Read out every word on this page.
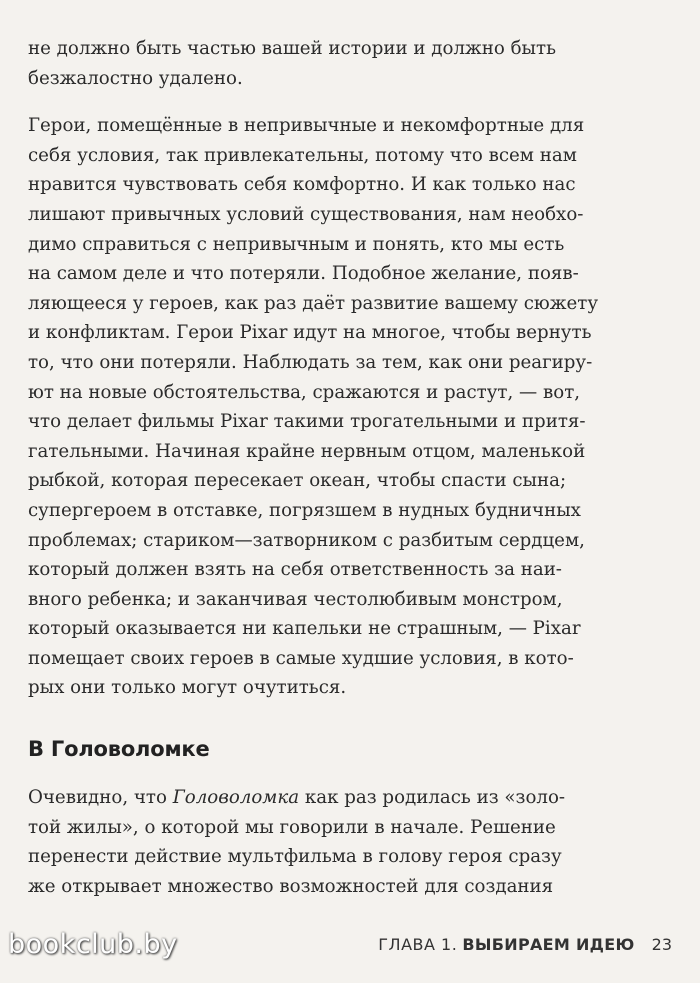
не должно быть частью вашей истории и должно быть

безжалостно удалено.

Герои, помещённые в непривычные и некомфортные для

себя условия, так привлекательны, потому что всем нам

нравится чувствовать себя комфортно. И как только нас

лишают привычных условий существования, нам необхо-

димо справиться с непривычным и понять, кто мы есть

на самом деле и что потеряли. Подобное желание, появ-

ляющееся у героев, как раз даёт развитие вашему сюжету

и конфликтам. Герои Pixar идут на многое, чтобы вернуть

то, что они потеряли. Наблюдать за тем, как они реагиру-

ют на новые обстоятельства, сражаются и растут, — вот,

что делает фильмы Pixar такими трогательными и притя-

гательными. Начиная крайне нервным отцом, маленькой

рыбкой, которая пересекает океан, чтобы спасти сына;

супергероем в отставке, погрязшем в нудных будничных

проблемах; стариком—затворником с разбитым сердцем,

который должен взять на себя ответственность за наи-

вного ребенка; и заканчивая честолюбивым монстром,

который оказывается ни капельки не страшным, — Pixar

помещает своих героев в самые худшие условия, в кото-

рых они только могут очутиться.

В Головоломке

Очевидно, что Головоломка как раз родилась из «золо-

той жилы», о которой мы говорили в начале. Решение

перенести действие мультфильма в голову героя сразу

же открывает множество возможностей для создания

bookclub.by	ГЛАВА 1. ВЫБИРАЕМ ИДЕЮ 23
